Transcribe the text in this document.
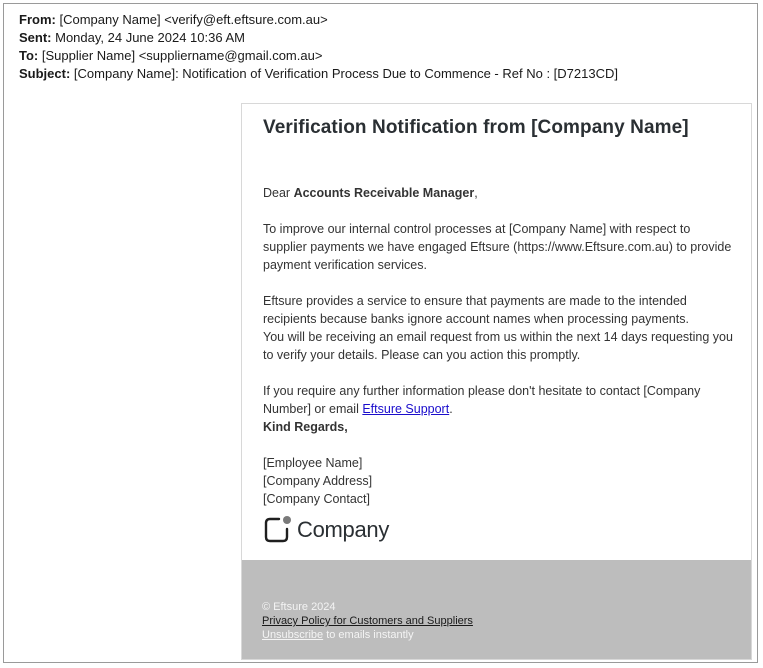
From: [Company Name] <verify@eft.eftsure.com.au>
Sent: Monday, 24 June 2024 10:36 AM
To: [Supplier Name] <suppliername@gmail.com.au>
Subject: [Company Name]: Notification of Verification Process Due to Commence - Ref No : [D7213CD]
Verification Notification from [Company Name]

Dear Accounts Receivable Manager,

To improve our internal control processes at [Company Name] with respect to supplier payments we have engaged Eftsure (https://www.Eftsure.com.au) to provide payment verification services.

Eftsure provides a service to ensure that payments are made to the intended recipients because banks ignore account names when processing payments.
You will be receiving an email request from us within the next 14 days requesting you to verify your details. Please can you action this promptly.

If you require any further information please don't hesitate to contact [Company Number] or email Eftsure Support.

Kind Regards,

[Employee Name]
[Company Address]
[Company Contact]

Company
© Eftsure 2024
Privacy Policy for Customers and Suppliers
Unsubscribe to emails instantly
